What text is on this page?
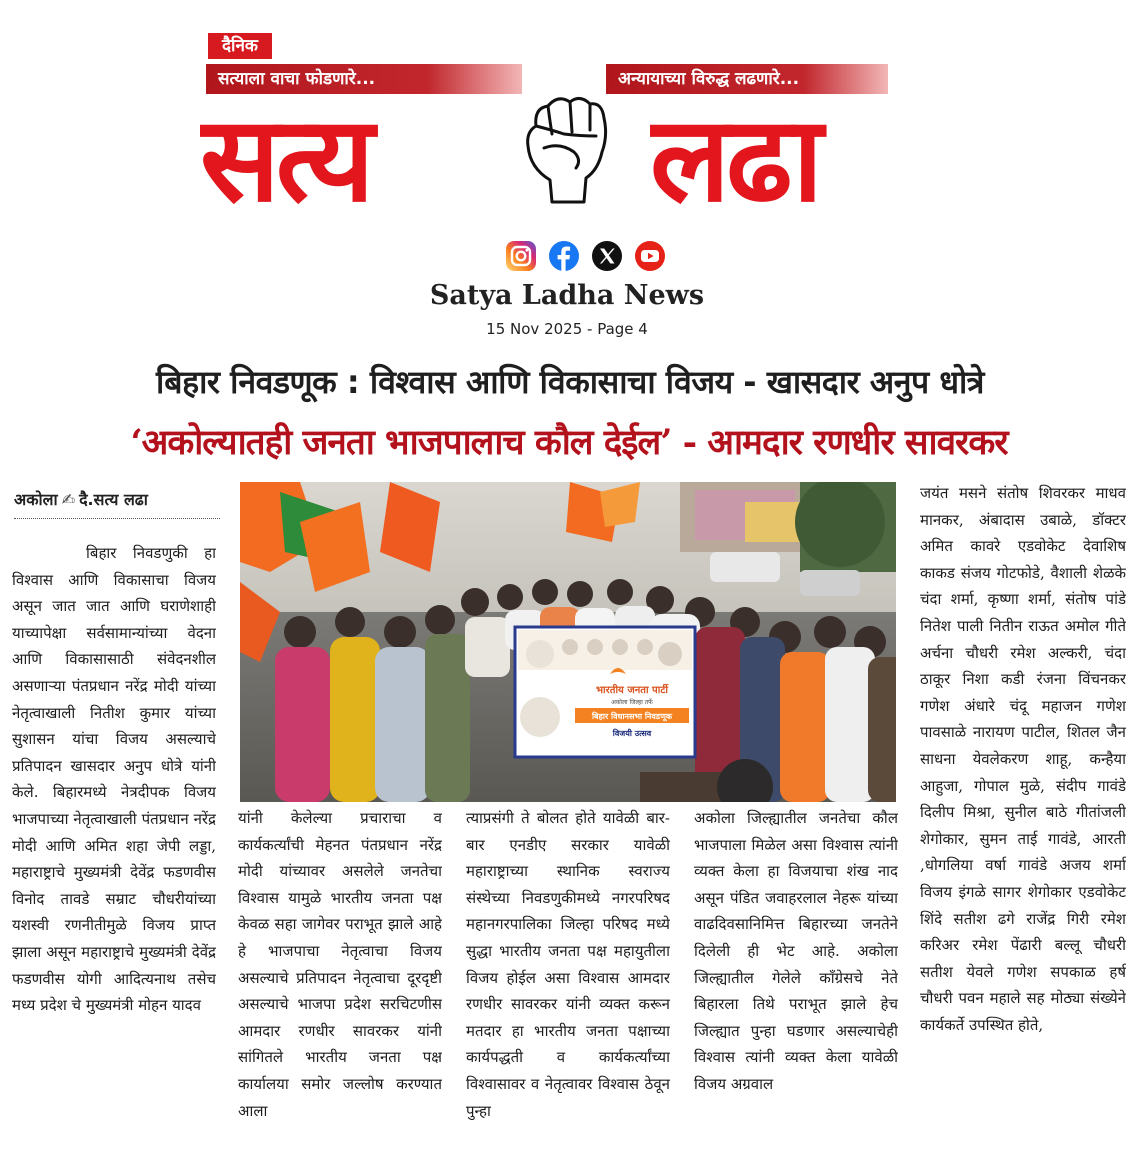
दैनिक
सत्याला वाचा फोडणारे...	अन्यायाच्या विरुद्ध लढणारे...
सत्य	लढा
Satya Ladha News
15 Nov 2025 - Page 4
बिहार निवडणूक : विश्वास आणि विकासाचा विजय - खासदार अनुप धोत्रे
‘अकोल्यातही जनता भाजपालाच कौल देईल’ - आमदार रणधीर सावरकर
अकोला ✍ दै.सत्य लढा
भारतीय जनता पार्टी
अकोला जिल्हा तर्फे
बिहार विधानसभा निवडणूक
विजयी उत्सव

बिहार निवडणुकी हा विश्वास आणि विकासाचा विजय असून जात जात आणि घराणेशाही याच्यापेक्षा सर्वसामान्यांच्या वेदना आणि विकासासाठी संवेदनशील असणाऱ्या पंतप्रधान नरेंद्र मोदी यांच्या नेतृत्वाखाली नितीश कुमार यांच्या सुशासन यांचा विजय असल्याचे प्रतिपादन खासदार अनुप धोत्रे यांनी केले. बिहारमध्ये नेत्रदीपक विजय भाजपाच्या नेतृत्वाखाली पंतप्रधान नरेंद्र मोदी आणि अमित शहा जेपी लड्डा, महाराष्ट्राचे मुख्यमंत्री देवेंद्र फडणवीस विनोद तावडे सम्राट चौधरीयांच्या यशस्वी रणनीतीमुळे विजय प्राप्त झाला असून महाराष्ट्राचे मुख्यमंत्री देवेंद्र फडणवीस योगी आदित्यनाथ तसेच मध्य प्रदेश चे मुख्यमंत्री मोहन यादव

यांनी केलेल्या प्रचाराचा व कार्यकर्त्यांची मेहनत पंतप्रधान नरेंद्र मोदी यांच्यावर असलेले जनतेचा विश्वास यामुळे भारतीय जनता पक्ष केवळ सहा जागेवर पराभूत झाले आहे हे भाजपाचा नेतृत्वाचा विजय असल्याचे प्रतिपादन नेतृत्वाचा दूरदृष्टी असल्याचे भाजपा प्रदेश सरचिटणीस आमदार रणधीर सावरकर यांनी सांगितले भारतीय जनता पक्ष कार्यालया समोर जल्लोष करण्यात आला

त्याप्रसंगी ते बोलत होते यावेळी बार-बार एनडीए सरकार यावेळी महाराष्ट्राच्या स्थानिक स्वराज्य संस्थेच्या निवडणुकीमध्ये नगरपरिषद महानगरपालिका जिल्हा परिषद मध्ये सुद्धा भारतीय जनता पक्ष महायुतीला विजय होईल असा विश्वास आमदार रणधीर सावरकर यांनी व्यक्त करून मतदार हा भारतीय जनता पक्षाच्या कार्यपद्धती व कार्यकर्त्यांच्या विश्वासावर व नेतृत्वावर विश्वास ठेवून पुन्हा

अकोला जिल्ह्यातील जनतेचा कौल भाजपाला मिळेल असा विश्वास त्यांनी व्यक्त केला हा विजयाचा शंख नाद असून पंडित जवाहरलाल नेहरू यांच्या वाढदिवसानिमित्त बिहारच्या जनतेने दिलेली ही भेट आहे. अकोला जिल्ह्यातील गेलेले काँग्रेसचे नेते बिहारला तिथे पराभूत झाले हेच जिल्ह्यात पुन्हा घडणार असल्याचेही विश्वास त्यांनी व्यक्त केला यावेळी विजय अग्रवाल

जयंत मसने संतोष शिवरकर माधव मानकर, अंबादास उबाळे, डॉक्टर अमित कावरे एडवोकेट देवाशिष काकड संजय गोटफोडे, वैशाली शेळके चंदा शर्मा, कृष्णा शर्मा, संतोष पांडे नितेश पाली नितीन राऊत अमोल गीते अर्चना चौधरी रमेश अल्करी, चंदा ठाकूर निशा कडी रंजना विंचनकर गणेश अंधारे चंदू महाजन गणेश पावसाळे नारायण पाटील, शितल जैन साधना येवलेकरण शाहू, कन्हैया आहुजा, गोपाल मुळे, संदीप गावंडे दिलीप मिश्रा, सुनील बाठे गीतांजली शेगोकार, सुमन ताई गावंडे, आरती ,धोगलिया वर्षा गावंडे अजय शर्मा विजय इंगळे सागर शेगोकार एडवोकेट शिंदे सतीश ढगे राजेंद्र गिरी रमेश करिअर रमेश पेंढारी बल्लू चौधरी सतीश येवले गणेश सपकाळ हर्ष चौधरी पवन महाले सह मोठ्या संख्येने कार्यकर्ते उपस्थित होते,
